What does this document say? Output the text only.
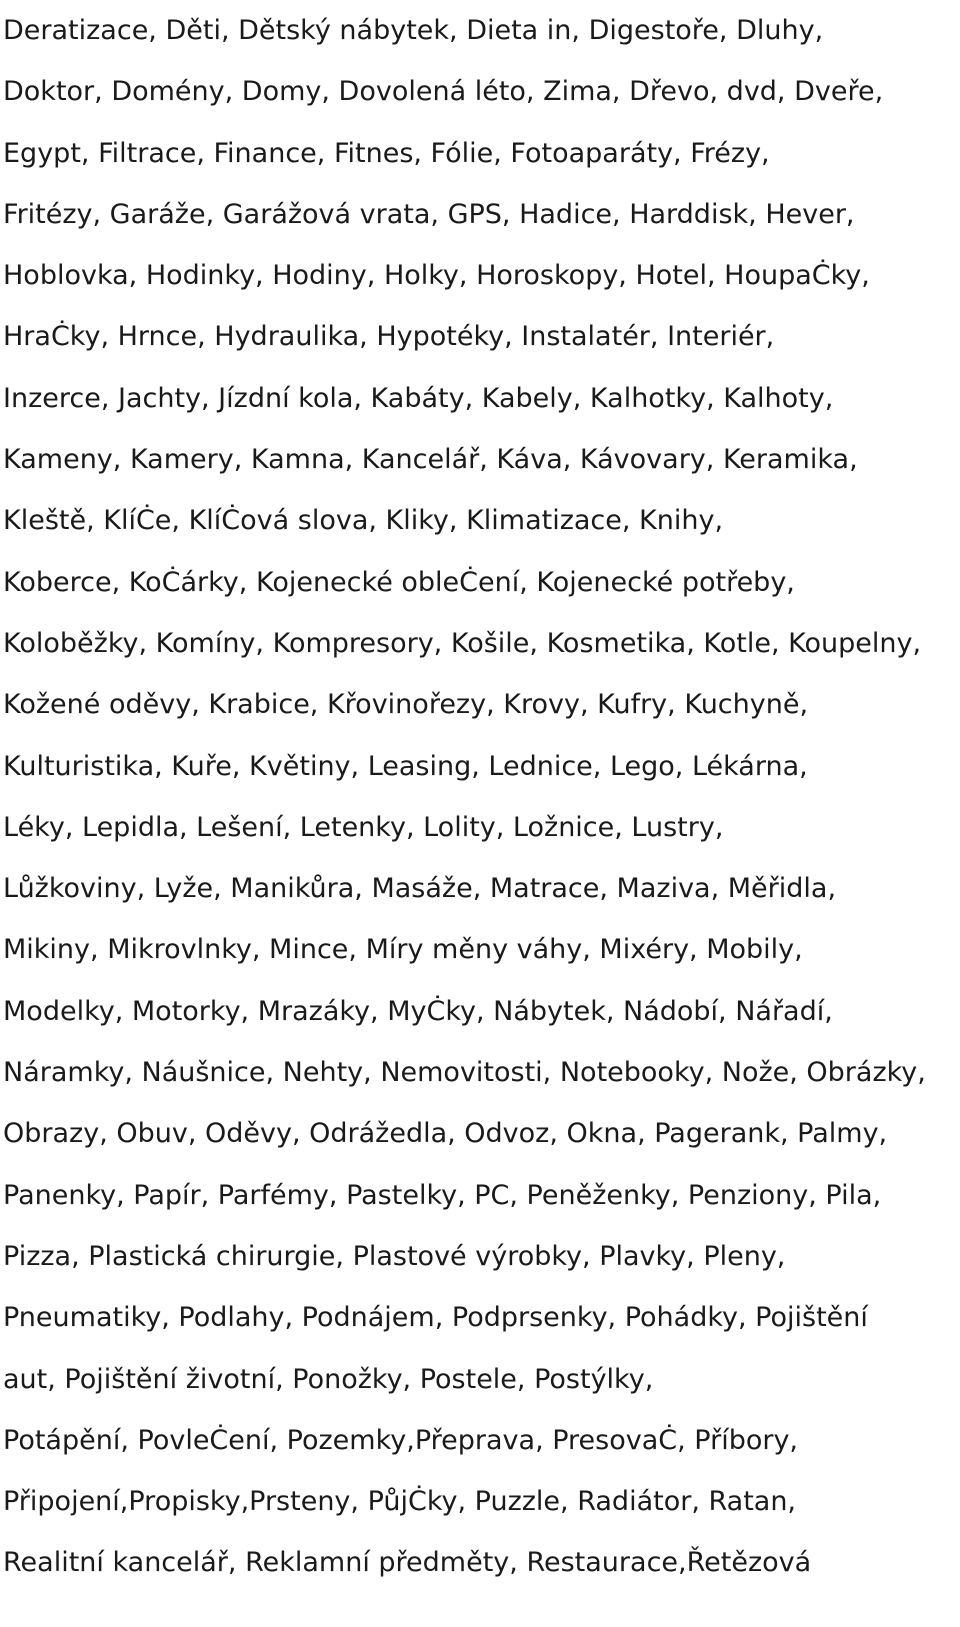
Deratizace, Děti, Dětský nábytek, Dieta in, Digestoře, Dluhy,
Doktor, Domény, Domy, Dovolená léto, Zima, Dřevo, dvd, Dveře,
Egypt, Filtrace, Finance, Fitnes, Fólie, Fotoaparáty, Frézy,
Fritézy, Garáže, Garážová vrata, GPS, Hadice, Harddisk, Hever,
Hoblovka, Hodinky, Hodiny, Holky, Horoskopy, Hotel, HoupaĊky,
HraĊky, Hrnce, Hydraulika, Hypotéky, Instalatér, Interiér,
Inzerce, Jachty, Jízdní kola, Kabáty, Kabely, Kalhotky, Kalhoty,
Kameny, Kamery, Kamna, Kancelář, Káva, Kávovary, Keramika,
Kleště, KlíĊe, KlíĊová slova, Kliky, Klimatizace, Knihy,
Koberce, KoĊárky, Kojenecké obleĊení, Kojenecké potřeby,
Koloběžky, Komíny, Kompresory, Košile, Kosmetika, Kotle, Koupelny,
Kožené oděvy, Krabice, Křovinořezy, Krovy, Kufry, Kuchyně,
Kulturistika, Kuře, Květiny, Leasing, Lednice, Lego, Lékárna,
Léky, Lepidla, Lešení, Letenky, Lolity, Ložnice, Lustry,
Lůžkoviny, Lyže, Manikůra, Masáže, Matrace, Maziva, Měřidla,
Mikiny, Mikrovlnky, Mince, Míry měny váhy, Mixéry, Mobily,
Modelky, Motorky, Mrazáky, MyĊky, Nábytek, Nádobí, Nářadí,
Náramky, Náušnice, Nehty, Nemovitosti, Notebooky, Nože, Obrázky,
Obrazy, Obuv, Oděvy, Odrážedla, Odvoz, Okna, Pagerank, Palmy,
Panenky, Papír, Parfémy, Pastelky, PC, Peněženky, Penziony, Pila,
Pizza, Plastická chirurgie, Plastové výrobky, Plavky, Pleny,
Pneumatiky, Podlahy, Podnájem, Podprsenky, Pohádky, Pojištění
aut, Pojištění životní, Ponožky, Postele, Postýlky,
Potápění, PovleĊení, Pozemky,Přeprava, PresovaĊ, Příbory,
Připojení,Propisky,Prsteny, PůjĊky, Puzzle, Radiátor, Ratan,
Realitní kancelář, Reklamní předměty, Restaurace,Řetězová
